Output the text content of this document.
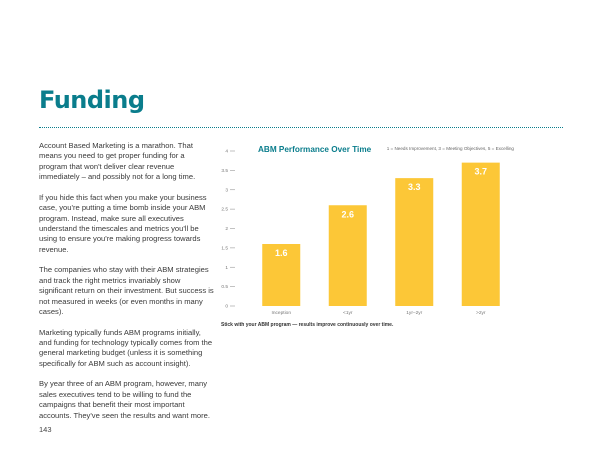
Funding

Account Based Marketing is a marathon. That means you need to get proper funding for a program that won't deliver clear revenue immediately – and possibly not for a long time.

If you hide this fact when you make your business case, you're putting a time bomb inside your ABM program. Instead, make sure all executives understand the timescales and metrics you'll be using to ensure you're making progress towards revenue.

The companies who stay with their ABM strategies and track the right metrics invariably show significant return on their investment. But success is not measured in weeks (or even months in many cases).

Marketing typically funds ABM programs initially, and funding for technology typically comes from the general marketing budget (unless it is something specifically for ABM such as account insight).

By year three of an ABM program, however, many sales executives tend to be willing to fund the campaigns that benefit their most important accounts. They've seen the results and want more.

ABM Performance Over Time	1 = Needs Improvement, 3 = Meeting Objectives, 5 = Excelling
Stick with your ABM program — results improve continuously over time.
0
0.5
1
1.5
2
2.5
3
3.5
4
1.6
Inception
2.6
<1yr
3.3
1yr–2yr
3.7
>2yr
143
